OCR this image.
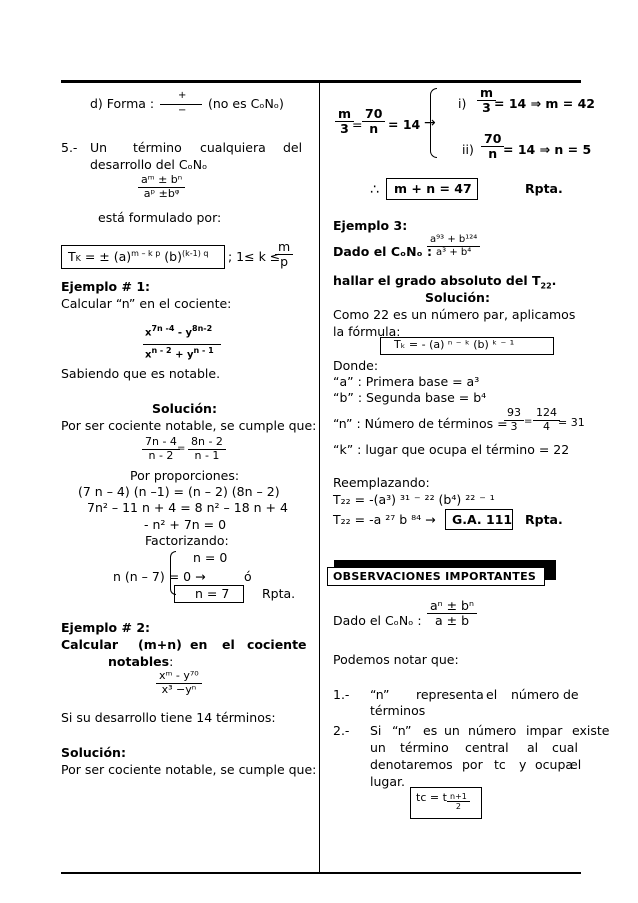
d) Forma :
+
− (no es CₒNₒ)
5.- Un término cualquiera del
desarrollo del CₒNₒ
$\frac{\text{aᵐ ± bⁿ}}{\text{aᵖ ±bᵠ}}$
está formulado por:
TK = ± $(a)^{m - k p}$ $(b)^{(k-1) q}$ ; 1≤ k ≤
$\frac{m}{p}$
Ejemplo # 1:
Calcular “n” en el cociente:
$x^{7n -4} - y^{8n-2}$
$x^{n - 2} + y^{n - 1}$
Sabiendo que es notable.
Solución:
Por ser cociente notable, se cumple que:
$\frac{7n - 4}{n - 2}$
= $\frac{8n - 2}{n - 1}$
Por proporciones:
(7 n – 4) (n –1) = (n – 2) (8n – 2)
7n² – 11 n + 4 = 8 n² – 18 n + 4
- n² + 7n = 0
Factorizando:
n = 0
n (n – 7) = 0 →	ó
n = 7	Rpta.
Ejemplo # 2:
Calcular (m+n) en el cociente
notables:
$\frac{\text{xᵐ - y⁷⁰}}{\text{x³ −yⁿ}}$
Si su desarrollo tiene 14 términos:
Solución:
Por ser cociente notable, se cumple que:
$\frac{m}{3}$
= $\frac{70}{n} = 14$ →
$i) \frac{m}{3}$
= 14 ⇒ m = 42
$ii) \frac{70}{n}$
= 14 ⇒ n = 5
∴ m + n = 47	Rpta.
Ejemplo 3:
Dado el CₒNₒ :
$\frac{\text{a⁹³ + b¹²⁴}}{\text{a³ + b⁴}}$
hallar el grado absoluto del $T_{22}$.
Solución:
Como 22 es un número par, aplicamos
la fórmula:
Tₖ = - (a) ⁿ ⁻ ᵏ (b) ᵏ ⁻ ¹
Donde:
“a” : Primera base = a³
“b” : Segunda base = b⁴
“n” : Número de términos =
$\frac{93}{3} = \frac{124}{4}$
= 31
“k” : lugar que ocupa el término = 22
Reemplazando:
T₂₂ = -(a³) ³¹ ⁻ ²² (b⁴) ²² ⁻ ¹
T₂₂ = -a ²⁷ b ⁸⁴ → G.A. 111 Rpta.
OBSERVACIONES IMPORTANTES
Dado el CₒNₒ : $\frac{\text{aⁿ ± bⁿ}}{a \pm b}$
Podemos notar que:
1.- “n” representa el número de
términos
2.- Si “n” es un número impar existe
un término central al cual
denotaremos por tᴄ y ocupa
el
lugar.
tᴄ = t $\frac{n+1}{2}$
